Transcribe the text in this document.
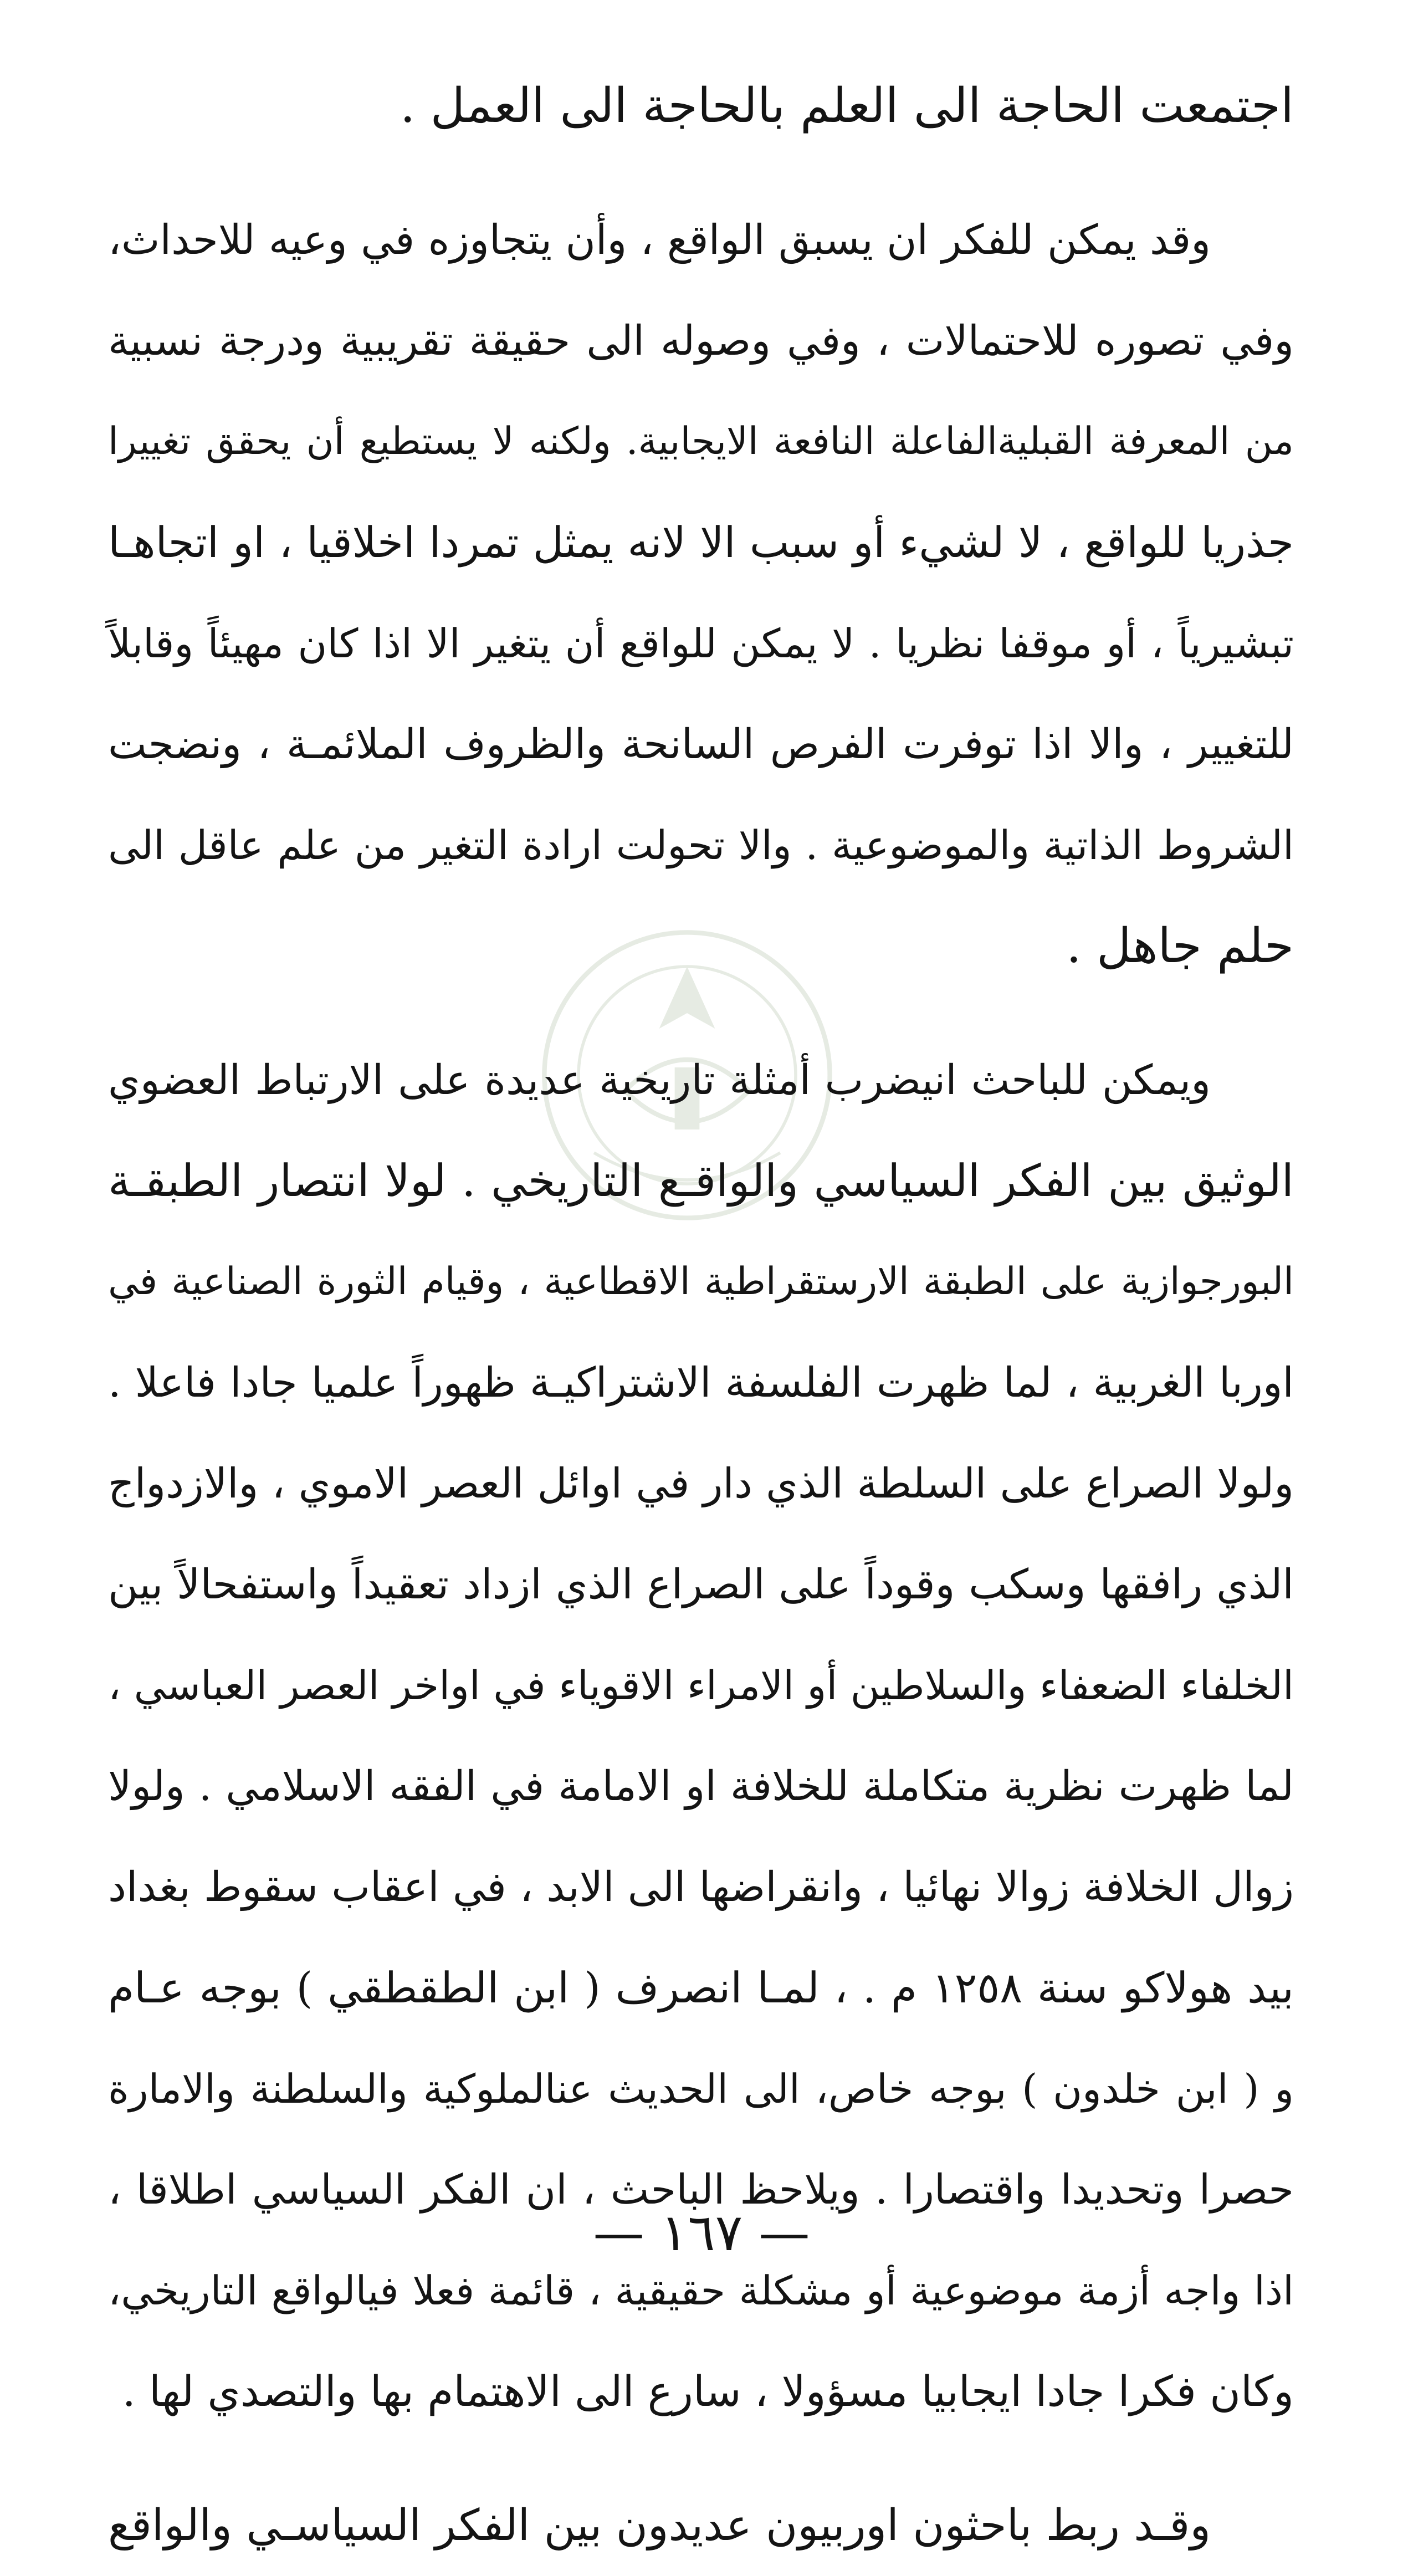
اجتمعت الحاجة الى العلم بالحاجة الى العمل .
وقد يمكن للفكر ان يسبق الواقع ، وأن يتجاوزه في وعيه للاحداث،
وفي تصوره للاحتمالات ، وفي وصوله الى حقيقة تقريبية ودرجة نسبية
من المعرفة القبليةالفاعلة النافعة الايجابية. ولكنه لا يستطيع أن يحقق تغييرا
جذريا للواقع ، لا لشيء أو سبب الا لانه يمثل تمردا اخلاقيا ، او اتجاهـا
تبشيرياً ، أو موقفا نظريا . لا يمكن للواقع أن يتغير الا اذا كان مهيئاً وقابلاً
للتغيير ، والا اذا توفرت الفرص السانحة والظروف الملائمـة ، ونضجت
الشروط الذاتية والموضوعية . والا تحولت ارادة التغير من علم عاقل الى
حلم جاهل .
ويمكن للباحث انيضرب أمثلة تاريخية عديدة على الارتباط العضوي
الوثيق بين الفكر السياسي والواقـع التاريخي . لولا انتصار الطبقـة
البورجوازية على الطبقة الارستقراطية الاقطاعية ، وقيام الثورة الصناعية في
اوربا الغربية ، لما ظهرت الفلسفة الاشتراكيـة ظهوراً علميا جادا فاعلا .
ولولا الصراع على السلطة الذي دار في اوائل العصر الاموي ، والازدواج
الذي رافقها وسكب وقوداً على الصراع الذي ازداد تعقيداً واستفحالاً بين
الخلفاء الضعفاء والسلاطين أو الامراء الاقوياء في اواخر العصر العباسي ،
لما ظهرت نظرية متكاملة للخلافة او الامامة في الفقه الاسلامي . ولولا
زوال الخلافة زوالا نهائيا ، وانقراضها الى الابد ، في اعقاب سقوط بغداد
بيد هولاكو سنة ١٢٥٨ م . ، لمـا انصرف ( ابن الطقطقي ) بوجه عـام
و ( ابن خلدون ) بوجه خاص، الى الحديث عنالملوكية والسلطنة والامارة
حصرا وتحديدا واقتصارا . ويلاحظ الباحث ، ان الفكر السياسي اطلاقا ،
اذا واجه أزمة موضوعية أو مشكلة حقيقية ، قائمة فعلا فيالواقع التاريخي،
وكان فكرا جادا ايجابيا مسؤولا ، سارع الى الاهتمام بها والتصدي لها .
وقـد ربط باحثون اوربيون عديدون بين الفكر السياسـي والواقع
— ١٦٧ —
